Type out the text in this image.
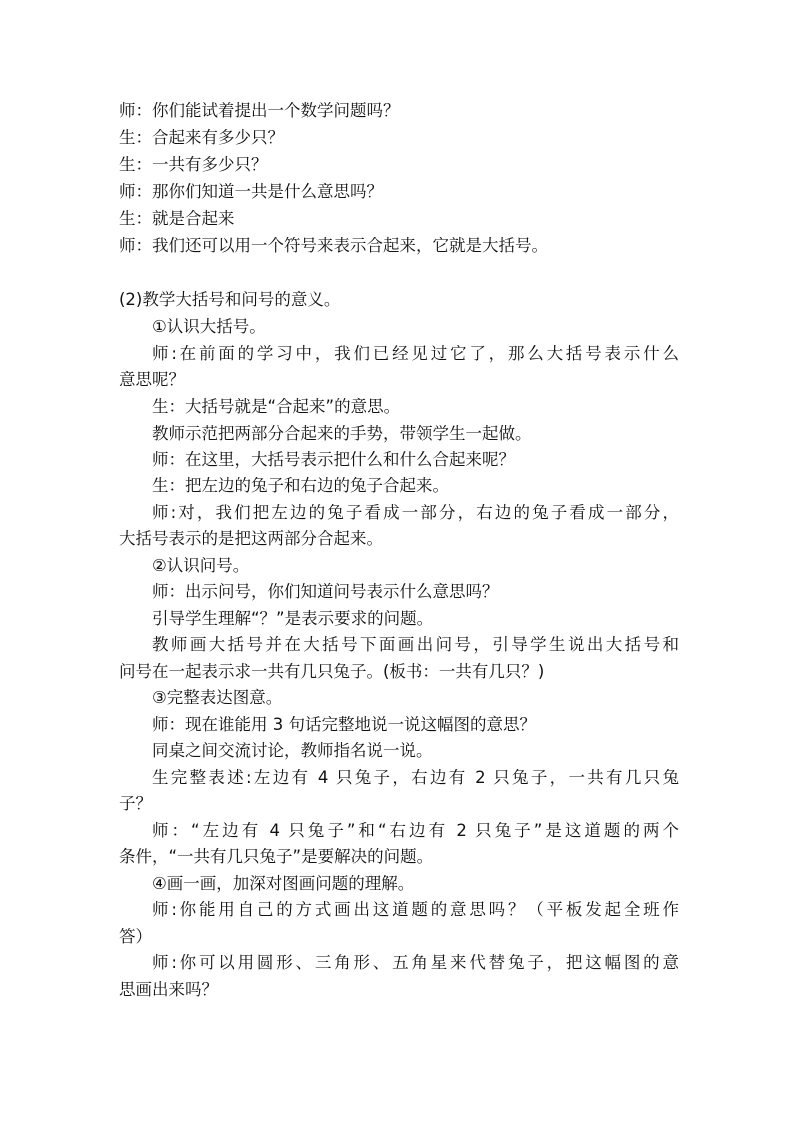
师：你们能试着提出一个数学问题吗？
生：合起来有多少只？
生：一共有多少只？
师：那你们知道一共是什么意思吗？
生：就是合起来
师：我们还可以用一个符号来表示合起来，它就是大括号。
(2)教学大括号和问号的意义。
①认识大括号。
师:在前面的学习中，我们已经见过它了，那么大括号表示什么
意思呢？
生：大括号就是“合起来”的意思。
教师示范把两部分合起来的手势，带领学生一起做。
师：在这里，大括号表示把什么和什么合起来呢？
生：把左边的兔子和右边的兔子合起来。
师:对，我们把左边的兔子看成一部分，右边的兔子看成一部分，
大括号表示的是把这两部分合起来。
②认识问号。
师：出示问号，你们知道问号表示什么意思吗？
引导学生理解“？”是表示要求的问题。
教师画大括号并在大括号下面画出问号，引导学生说出大括号和
问号在一起表示求一共有几只兔子。(板书：一共有几只？)
③完整表达图意。
师：现在谁能用 3 句话完整地说一说这幅图的意思？
同桌之间交流讨论，教师指名说一说。
生完整表述:左边有 4 只兔子，右边有 2 只兔子，一共有几只兔
子？
师：“左边有 4 只兔子”和“右边有 2 只兔子”是这道题的两个
条件，“一共有几只兔子”是要解决的问题。
④画一画，加深对图画问题的理解。
师:你能用自己的方式画出这道题的意思吗？（平板发起全班作
答）
师:你可以用圆形、三角形、五角星来代替兔子，把这幅图的意
思画出来吗？
